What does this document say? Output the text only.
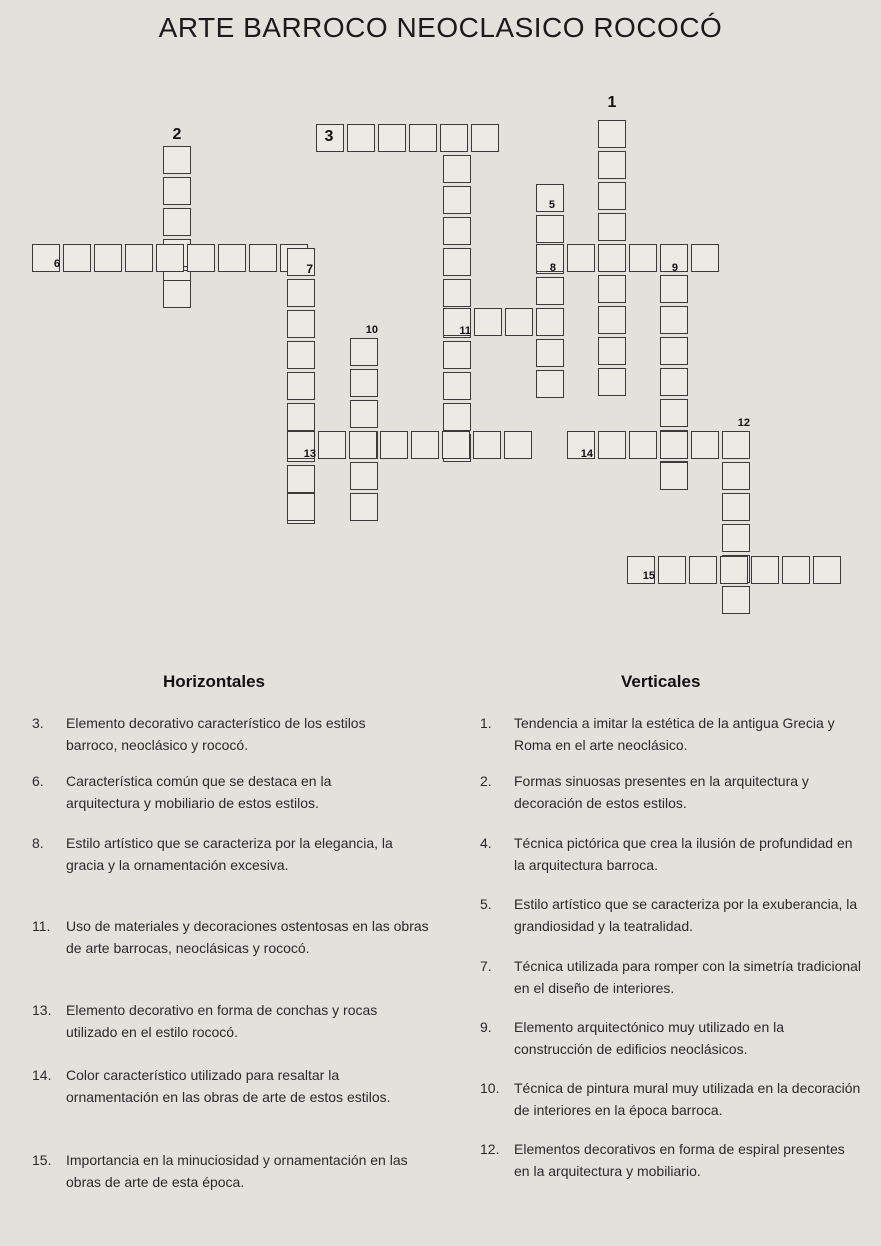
ARTE BARROCO NEOCLASICO ROCOCÓ
1
2	3
5
6	7	8	9
10	11
12
13	14
15
Horizontales	Verticales
3.	Elemento decorativo característico de los estilos barroco, neoclásico y rococó.
6.	Característica común que se destaca en la arquitectura y mobiliario de estos estilos.
8.	Estilo artístico que se caracteriza por la elegancia, la gracia y la ornamentación excesiva.
11.	Uso de materiales y decoraciones ostentosas en las obras de arte barrocas, neoclásicas y rococó.
13.	Elemento decorativo en forma de conchas y rocas utilizado en el estilo rococó.
14.	Color característico utilizado para resaltar la ornamentación en las obras de arte de estos estilos.
15.	Importancia en la minuciosidad y ornamentación en las obras de arte de esta época.
1.	Tendencia a imitar la estética de la antigua Grecia y Roma en el arte neoclásico.
2.	Formas sinuosas presentes en la arquitectura y decoración de estos estilos.
4.	Técnica pictórica que crea la ilusión de profundidad en la arquitectura barroca.
5.	Estilo artístico que se caracteriza por la exuberancia, la grandiosidad y la teatralidad.
7.	Técnica utilizada para romper con la simetría tradicional en el diseño de interiores.
9.	Elemento arquitectónico muy utilizado en la construcción de edificios neoclásicos.
10.	Técnica de pintura mural muy utilizada en la decoración de interiores en la época barroca.
12.	Elementos decorativos en forma de espiral presentes en la arquitectura y mobiliario.
